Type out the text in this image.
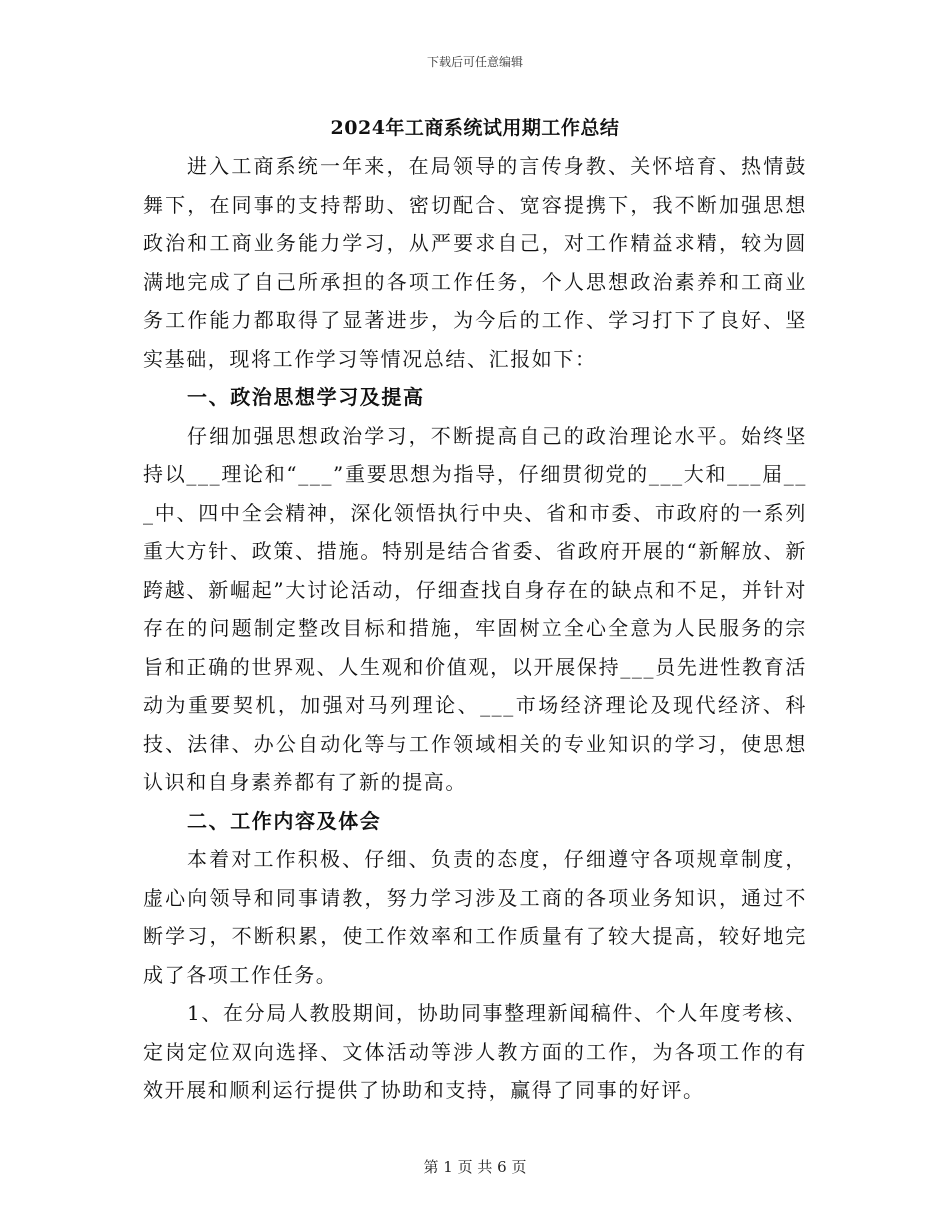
下载后可任意编辑
2024年工商系统试用期工作总结

进入工商系统一年来，在局领导的言传身教、关怀培育、热情鼓舞下，在同事的支持帮助、密切配合、宽容提携下，我不断加强思想政治和工商业务能力学习，从严要求自己，对工作精益求精，较为圆满地完成了自己所承担的各项工作任务，个人思想政治素养和工商业务工作能力都取得了显著进步，为今后的工作、学习打下了良好、坚实基础，现将工作学习等情况总结、汇报如下：

一、政治思想学习及提高

仔细加强思想政治学习，不断提高自己的政治理论水平。始终坚持以___理论和“___”重要思想为指导，仔细贯彻党的___大和___届___中、四中全会精神，深化领悟执行中央、省和市委、市政府的一系列重大方针、政策、措施。特别是结合省委、省政府开展的“新解放、新跨越、新崛起”大讨论活动，仔细查找自身存在的缺点和不足，并针对存在的问题制定整改目标和措施，牢固树立全心全意为人民服务的宗旨和正确的世界观、人生观和价值观，以开展保持___员先进性教育活动为重要契机，加强对马列理论、___市场经济理论及现代经济、科技、法律、办公自动化等与工作领域相关的专业知识的学习，使思想认识和自身素养都有了新的提高。

二、工作内容及体会

本着对工作积极、仔细、负责的态度，仔细遵守各项规章制度，虚心向领导和同事请教，努力学习涉及工商的各项业务知识，通过不断学习，不断积累，使工作效率和工作质量有了较大提高，较好地完成了各项工作任务。

1、在分局人教股期间，协助同事整理新闻稿件、个人年度考核、定岗定位双向选择、文体活动等涉人教方面的工作，为各项工作的有效开展和顺利运行提供了协助和支持，赢得了同事的好评。

第 1 页 共 6 页
